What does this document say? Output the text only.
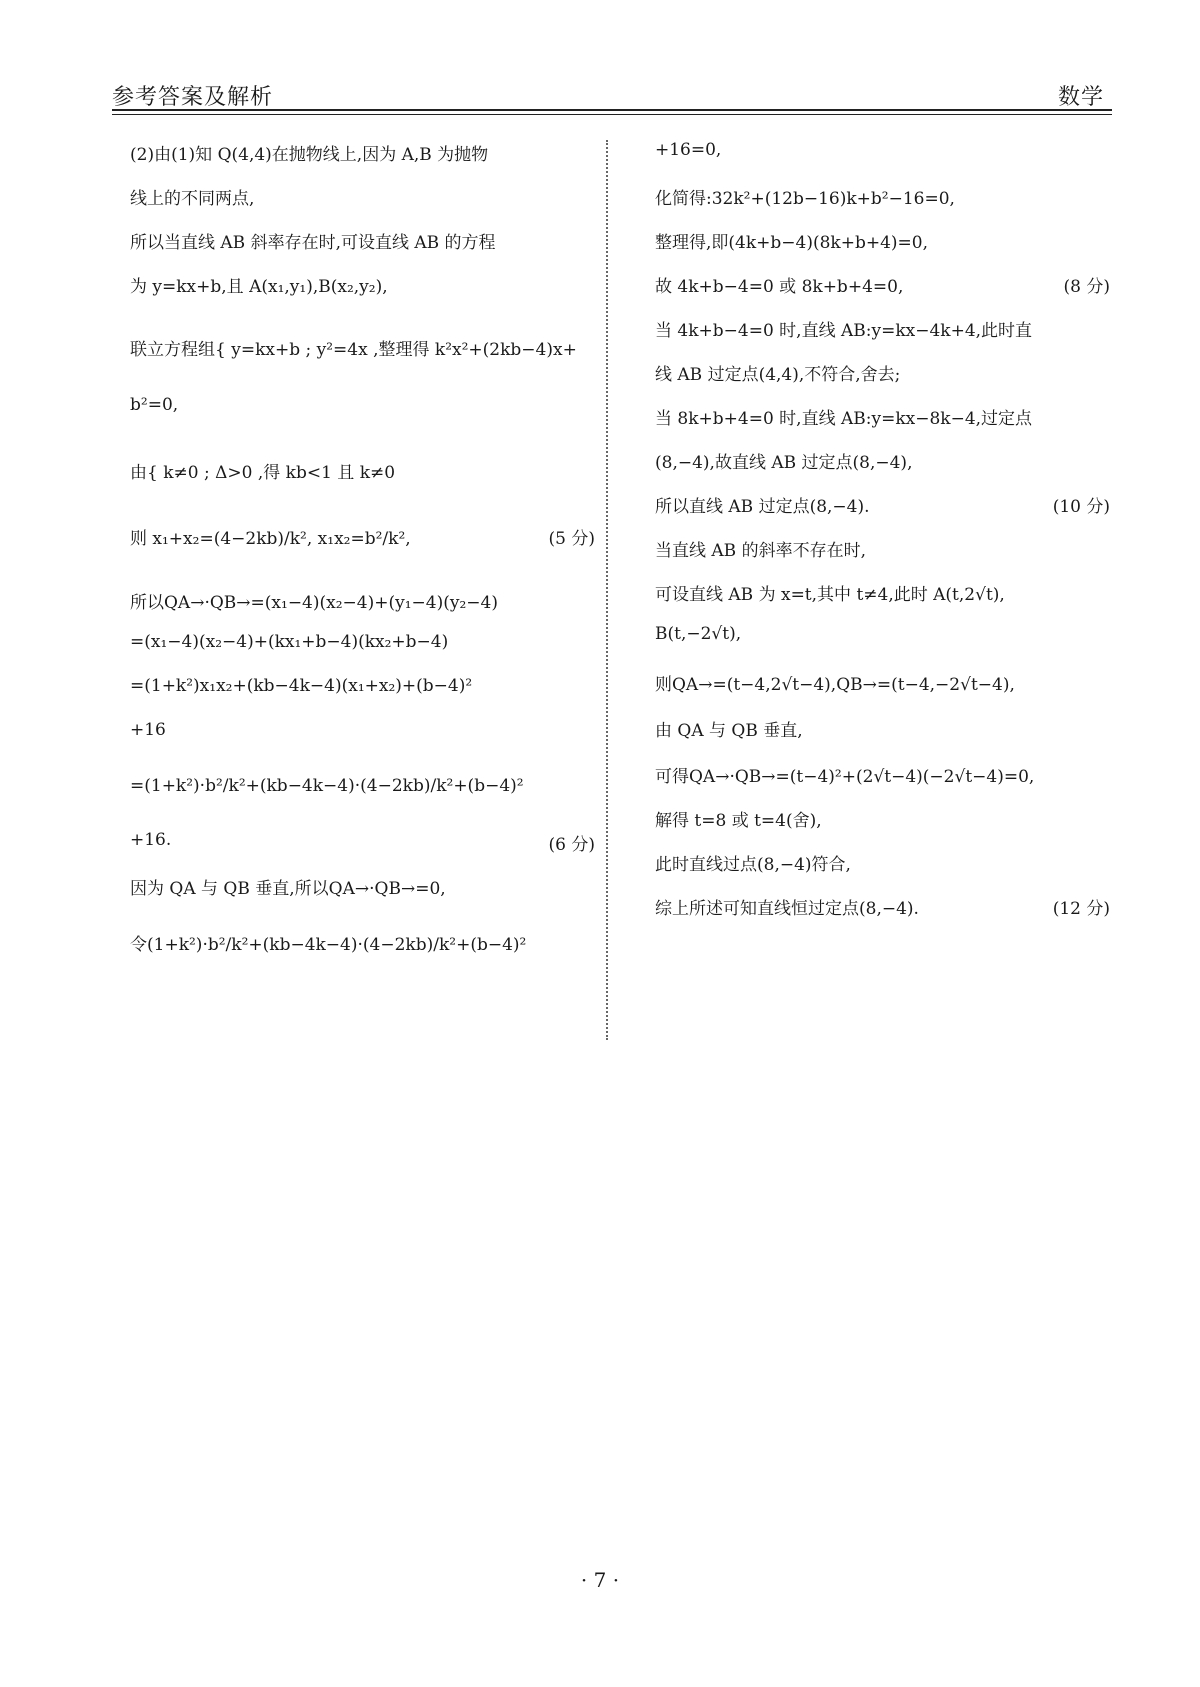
参考答案及解析	数学
(2)由(1)知 Q(4,4)在抛物线上,因为 A,B 为抛物
线上的不同两点,
所以当直线 AB 斜率存在时,可设直线 AB 的方程
为 y=kx+b,且 A(x₁,y₁),B(x₂,y₂),
联立方程组{ y=kx+b ; y²=4x ,整理得 k²x²+(2kb−4)x+
b²=0,
由{ k≠0 ; Δ>0 ,得 kb<1 且 k≠0
则 x₁+x₂=(4−2kb)/k², x₁x₂=b²/k²,	(5 分)
所以QA→·QB→=(x₁−4)(x₂−4)+(y₁−4)(y₂−4)
=(x₁−4)(x₂−4)+(kx₁+b−4)(kx₂+b−4)
=(1+k²)x₁x₂+(kb−4k−4)(x₁+x₂)+(b−4)²
+16
=(1+k²)·b²/k²+(kb−4k−4)·(4−2kb)/k²+(b−4)²
+16.	(6 分)
因为 QA 与 QB 垂直,所以QA→·QB→=0,
令(1+k²)·b²/k²+(kb−4k−4)·(4−2kb)/k²+(b−4)²
+16=0,
化简得:32k²+(12b−16)k+b²−16=0,
整理得,即(4k+b−4)(8k+b+4)=0,
故 4k+b−4=0 或 8k+b+4=0,	(8 分)
当 4k+b−4=0 时,直线 AB:y=kx−4k+4,此时直
线 AB 过定点(4,4),不符合,舍去;
当 8k+b+4=0 时,直线 AB:y=kx−8k−4,过定点
(8,−4),故直线 AB 过定点(8,−4),
所以直线 AB 过定点(8,−4).	(10 分)
当直线 AB 的斜率不存在时,
可设直线 AB 为 x=t,其中 t≠4,此时 A(t,2√t),
B(t,−2√t),
则QA→=(t−4,2√t−4),QB→=(t−4,−2√t−4),
由 QA 与 QB 垂直,
可得QA→·QB→=(t−4)²+(2√t−4)(−2√t−4)=0,
解得 t=8 或 t=4(舍),
此时直线过点(8,−4)符合,
综上所述可知直线恒过定点(8,−4).	(12 分)
· 7 ·
